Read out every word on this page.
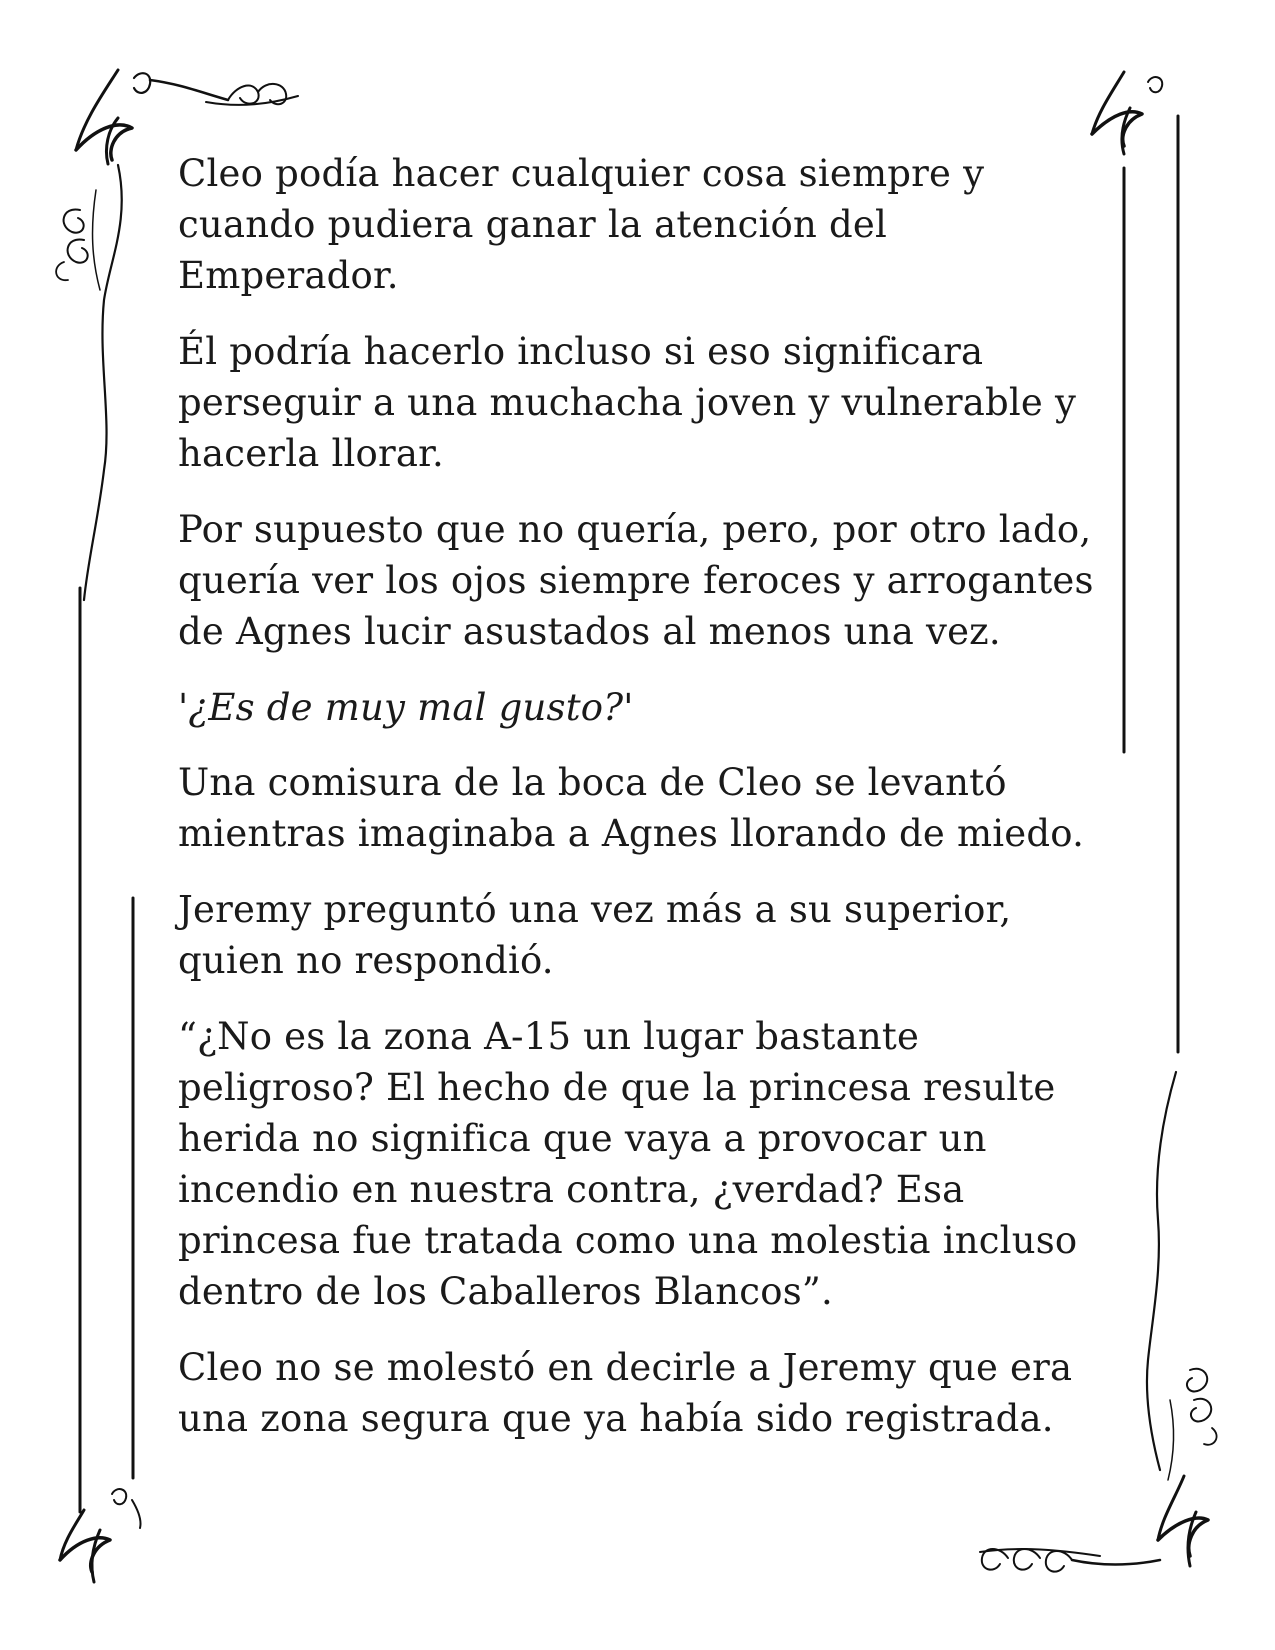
Cleo podía hacer cualquier cosa siempre y cuando pudiera ganar la atención del Emperador.

Él podría hacerlo incluso si eso significara perseguir a una muchacha joven y vulnerable y hacerla llorar.

Por supuesto que no quería, pero, por otro lado, quería ver los ojos siempre feroces y arrogantes de Agnes lucir asustados al menos una vez.

'¿Es de muy mal gusto?'

Una comisura de la boca de Cleo se levantó mientras imaginaba a Agnes llorando de miedo.

Jeremy preguntó una vez más a su superior, quien no respondió.

“¿No es la zona A-15 un lugar bastante peligroso? El hecho de que la princesa resulte herida no significa que vaya a provocar un incendio en nuestra contra, ¿verdad? Esa princesa fue tratada como una molestia incluso dentro de los Caballeros Blancos”.

Cleo no se molestó en decirle a Jeremy que era una zona segura que ya había sido registrada.
